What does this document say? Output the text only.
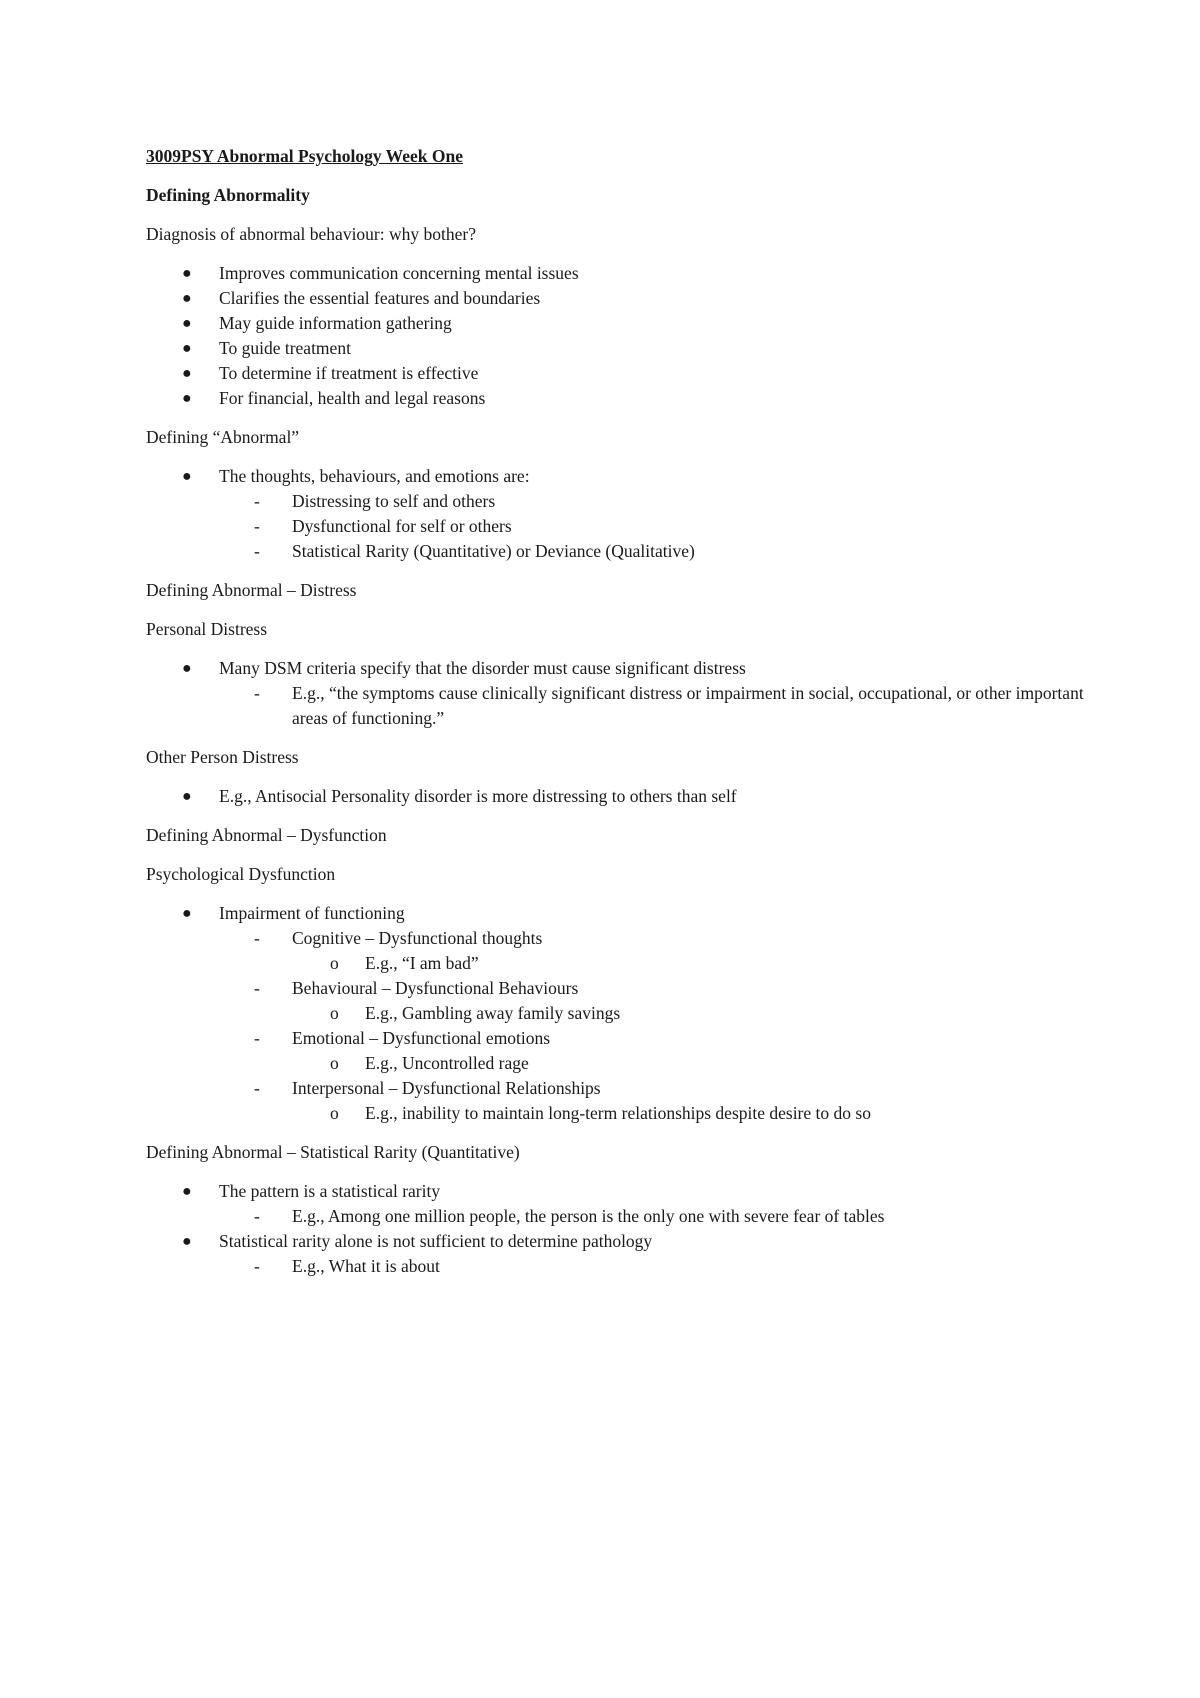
3009PSY Abnormal Psychology Week One

Defining Abnormality

Diagnosis of abnormal behaviour: why bother?

● Improves communication concerning mental issues
● Clarifies the essential features and boundaries
● May guide information gathering
● To guide treatment
● To determine if treatment is effective
● For financial, health and legal reasons

Defining “Abnormal”

● The thoughts, behaviours, and emotions are:
- Distressing to self and others
- Dysfunctional for self or others
- Statistical Rarity (Quantitative) or Deviance (Qualitative)

Defining Abnormal – Distress

Personal Distress

● Many DSM criteria specify that the disorder must cause significant distress
- E.g., “the symptoms cause clinically significant distress or impairment in social, occupational, or other important areas of functioning.”

Other Person Distress

● E.g., Antisocial Personality disorder is more distressing to others than self

Defining Abnormal – Dysfunction

Psychological Dysfunction

● Impairment of functioning
- Cognitive – Dysfunctional thoughts
o E.g., “I am bad”
- Behavioural – Dysfunctional Behaviours
o E.g., Gambling away family savings
- Emotional – Dysfunctional emotions
o E.g., Uncontrolled rage
- Interpersonal – Dysfunctional Relationships
o E.g., inability to maintain long-term relationships despite desire to do so

Defining Abnormal – Statistical Rarity (Quantitative)

● The pattern is a statistical rarity
- E.g., Among one million people, the person is the only one with severe fear of tables
● Statistical rarity alone is not sufficient to determine pathology
- E.g., What it is about
